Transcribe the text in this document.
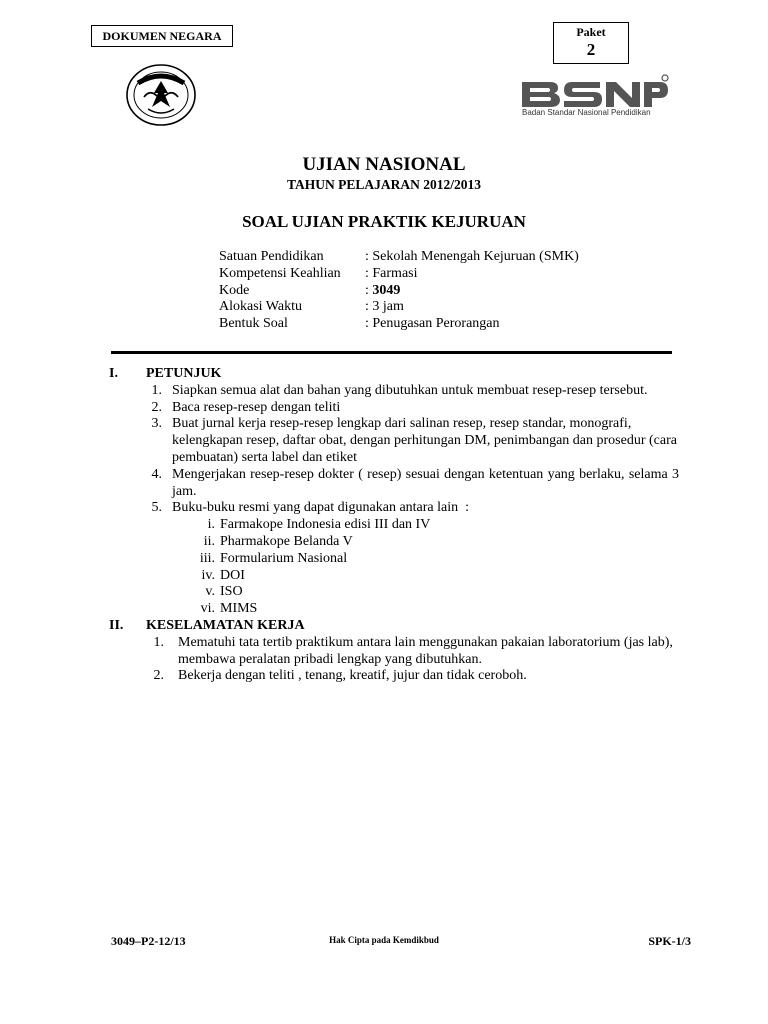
DOKUMEN NEGARA	Paket
2
Badan Standar Nasional Pendidikan
UJIAN NASIONAL
TAHUN PELAJARAN 2012/2013
SOAL UJIAN PRAKTIK KEJURUAN
Satuan Pendidikan	: Sekolah Menengah Kejuruan (SMK)
Kompetensi Keahlian	: Farmasi
Kode	: 3049
Alokasi Waktu	: 3 jam
Bentuk Soal	: Penugasan Perorangan
I.	PETUNJUK
1. Siapkan semua alat dan bahan yang dibutuhkan untuk membuat resep-resep tersebut.
2. Baca resep-resep dengan teliti
3. Buat jurnal kerja resep-resep lengkap dari salinan resep, resep standar, monografi, kelengkapan resep, daftar obat, dengan perhitungan DM, penimbangan dan prosedur (cara pembuatan) serta label dan etiket
4. Mengerjakan resep-resep dokter ( resep) sesuai dengan ketentuan yang berlaku, selama 3 jam.
5. Buku-buku resmi yang dapat digunakan antara lain  :
i. Farmakope Indonesia edisi III dan IV
ii. Pharmakope Belanda V
iii. Formularium Nasional
iv. DOI
v. ISO
vi. MIMS
II.	KESELAMATAN KERJA
1.	Mematuhi tata tertib praktikum antara lain menggunakan pakaian laboratorium (jas lab), membawa peralatan pribadi lengkap yang dibutuhkan.
2.	Bekerja dengan teliti , tenang, kreatif, jujur dan tidak ceroboh.
3049–P2-12/13	Hak Cipta pada Kemdikbud	SPK-1/3
